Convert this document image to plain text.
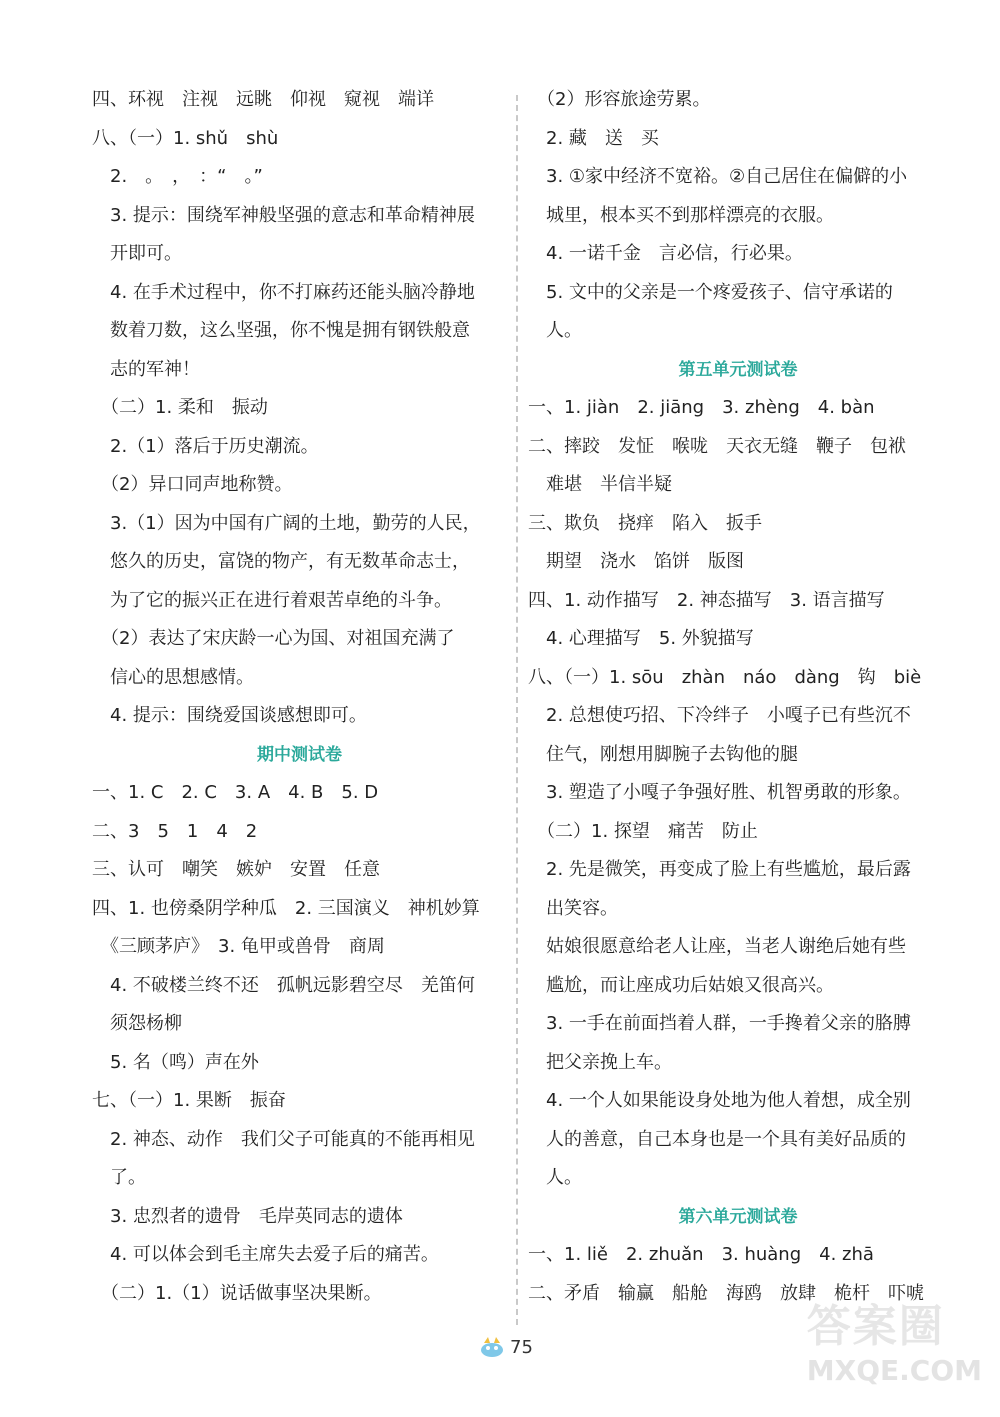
四、环视　注视　远眺　仰视　窥视　端详
八、（一）1. shǔ　shù
　2.　。　，　：“　。”
　3. 提示：围绕军神般坚强的意志和革命精神展
　开即可。
　4. 在手术过程中，你不打麻药还能头脑冷静地
　数着刀数，这么坚强，你不愧是拥有钢铁般意
　志的军神！
　（二）1. 柔和　振动
　2.（1）落后于历史潮流。
　（2）异口同声地称赞。
　3.（1）因为中国有广阔的土地，勤劳的人民，
　悠久的历史，富饶的物产，有无数革命志士，
　为了它的振兴正在进行着艰苦卓绝的斗争。
　（2）表达了宋庆龄一心为国、对祖国充满了
　信心的思想感情。
　4. 提示：围绕爱国谈感想即可。
期中测试卷
一、1. C　2. C　3. A　4. B　5. D
二、3　5　1　4　2
三、认可　嘲笑　嫉妒　安置　任意
四、1. 也傍桑阴学种瓜　2. 三国演义　神机妙算
　《三顾茅庐》　3. 龟甲或兽骨　商周
　4. 不破楼兰终不还　孤帆远影碧空尽　羌笛何
　须怨杨柳
　5. 名（鸣）声在外
七、（一）1. 果断　振奋
　2. 神态、动作　我们父子可能真的不能再相见
　了。
　3. 忠烈者的遗骨　毛岸英同志的遗体
　4. 可以体会到毛主席失去爱子后的痛苦。
　（二）1.（1）说话做事坚决果断。
　（2）形容旅途劳累。
　2. 藏　送　买
　3. ①家中经济不宽裕。②自己居住在偏僻的小
　城里，根本买不到那样漂亮的衣服。
　4. 一诺千金　言必信，行必果。
　5. 文中的父亲是一个疼爱孩子、信守承诺的
　人。
第五单元测试卷
一、1. jiàn　2. jiāng　3. zhèng　4. bàn
二、摔跤　发怔　喉咙　天衣无缝　鞭子　包袱
　难堪　半信半疑
三、欺负　挠痒　陷入　扳手
　期望　浇水　馅饼　版图
四、1. 动作描写　2. 神态描写　3. 语言描写
　4. 心理描写　5. 外貌描写
八、（一）1. sōu　zhàn　náo　dàng　钩　biè
　2. 总想使巧招、下冷绊子　小嘎子已有些沉不
　住气，刚想用脚腕子去钩他的腿
　3. 塑造了小嘎子争强好胜、机智勇敢的形象。
　（二）1. 探望　痛苦　防止
　2. 先是微笑，再变成了脸上有些尴尬，最后露
　出笑容。
　姑娘很愿意给老人让座，当老人谢绝后她有些
　尴尬，而让座成功后姑娘又很高兴。
　3. 一手在前面挡着人群，一手搀着父亲的胳膊
　把父亲挽上车。
　4. 一个人如果能设身处地为他人着想，成全别
　人的善意，自己本身也是一个具有美好品质的
　人。
第六单元测试卷
一、1. liě　2. zhuǎn　3. huàng　4. zhā
二、矛盾　输赢　船舱　海鸥　放肆　桅杆　吓唬
75	答案圈
MXQE.COM
